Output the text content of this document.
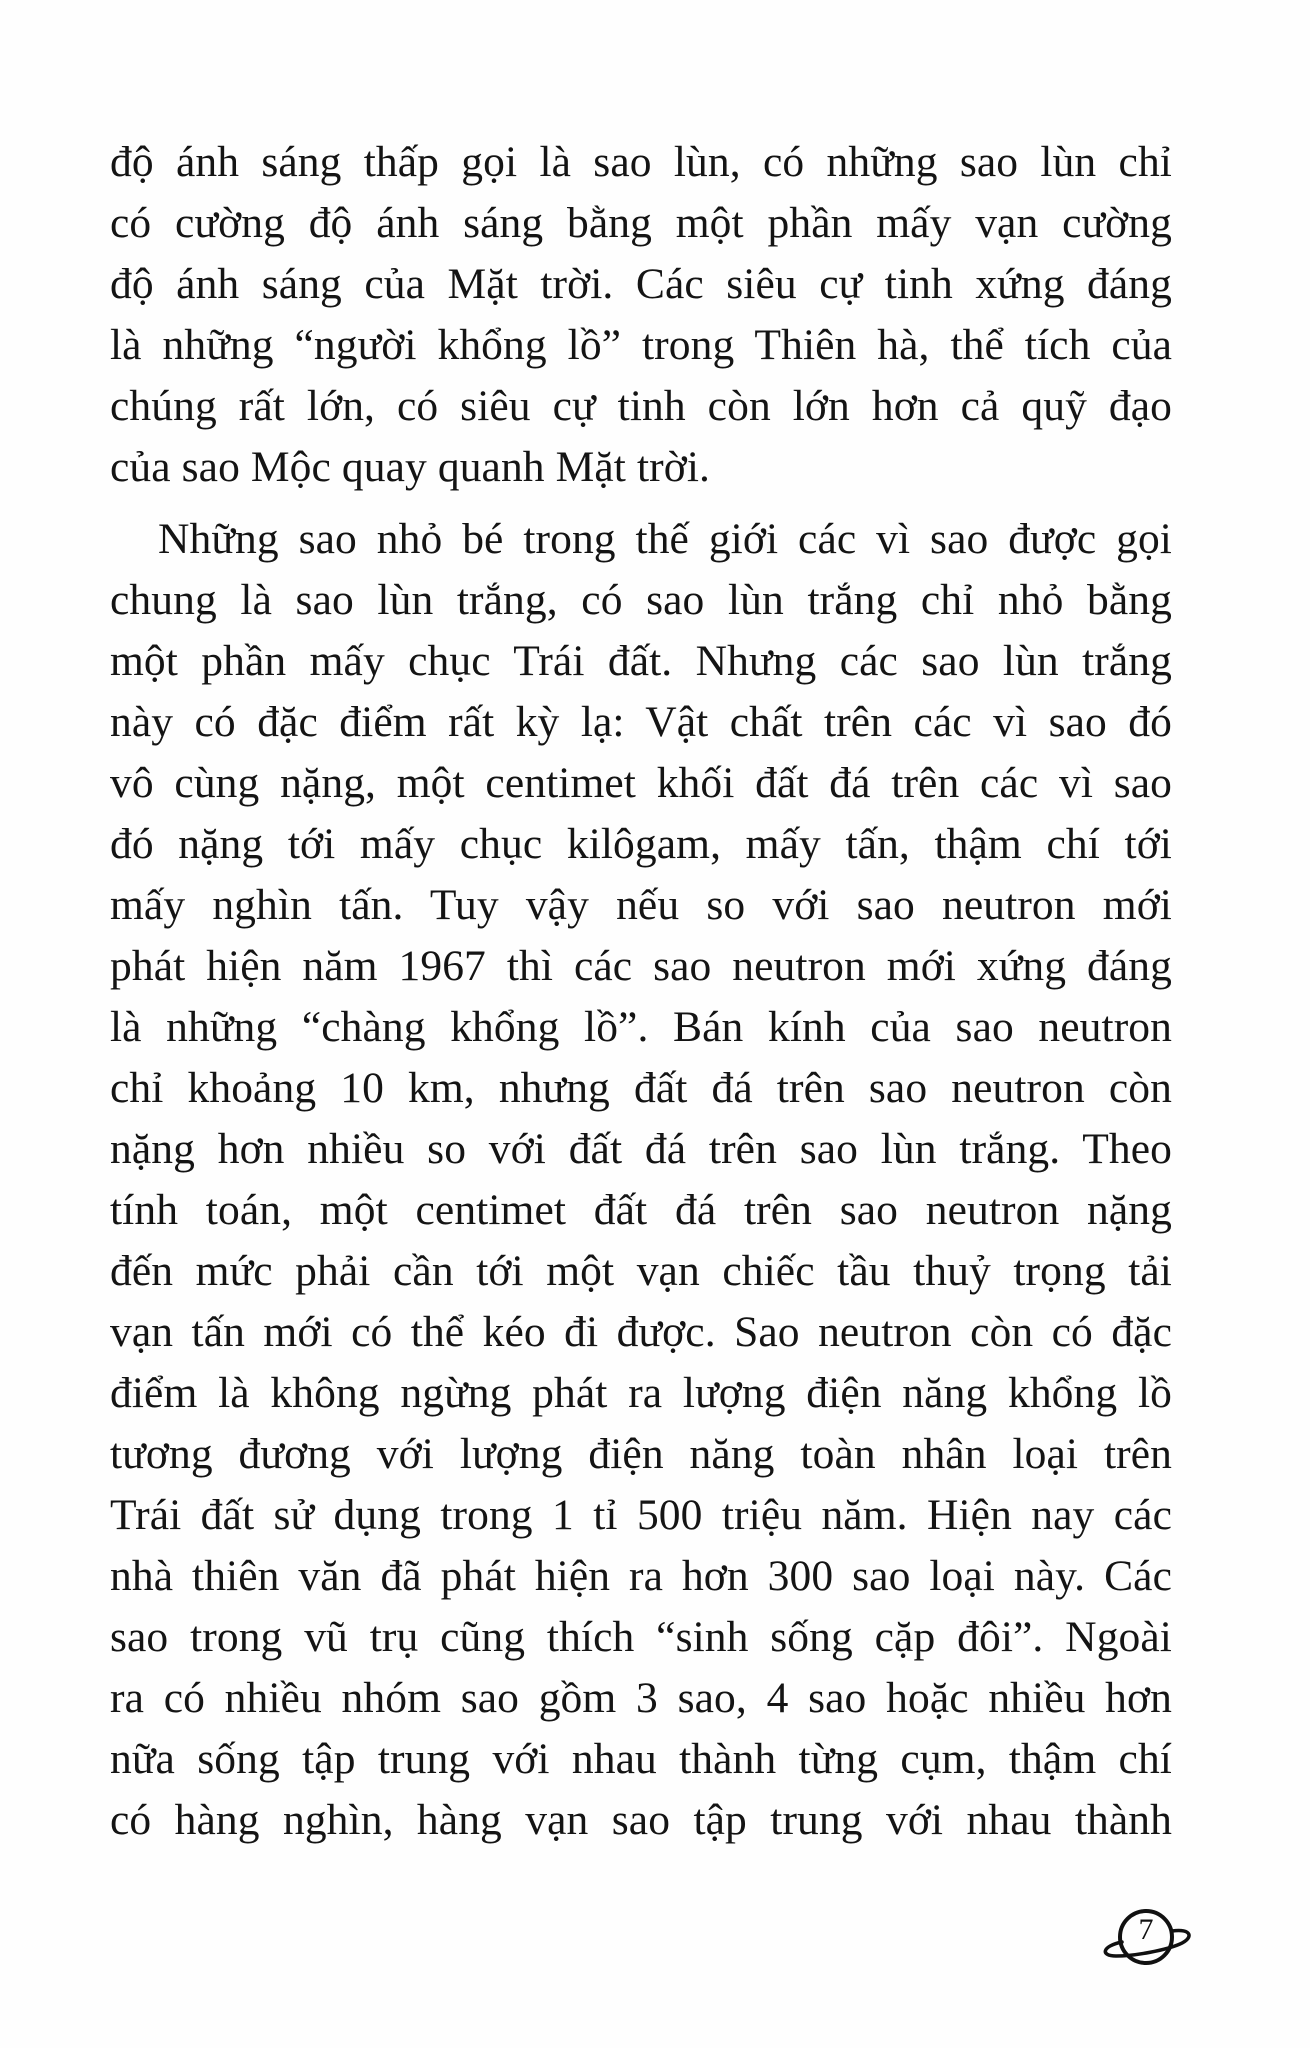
độ ánh sáng thấp gọi là sao lùn, có những sao lùn chỉ
có cường độ ánh sáng bằng một phần mấy vạn cường
độ ánh sáng của Mặt trời. Các siêu cự tinh xứng đáng
là những “người khổng lồ” trong Thiên hà, thể tích của
chúng rất lớn, có siêu cự tinh còn lớn hơn cả quỹ đạo
của sao Mộc quay quanh Mặt trời.
Những sao nhỏ bé trong thế giới các vì sao được gọi
chung là sao lùn trắng, có sao lùn trắng chỉ nhỏ bằng
một phần mấy chục Trái đất. Nhưng các sao lùn trắng
này có đặc điểm rất kỳ lạ: Vật chất trên các vì sao đó
vô cùng nặng, một centimet khối đất đá trên các vì sao
đó nặng tới mấy chục kilôgam, mấy tấn, thậm chí tới
mấy nghìn tấn. Tuy vậy nếu so với sao neutron mới
phát hiện năm 1967 thì các sao neutron mới xứng đáng
là những “chàng khổng lồ”. Bán kính của sao neutron
chỉ khoảng 10 km, nhưng đất đá trên sao neutron còn
nặng hơn nhiều so với đất đá trên sao lùn trắng. Theo
tính toán, một centimet đất đá trên sao neutron nặng
đến mức phải cần tới một vạn chiếc tầu thuỷ trọng tải
vạn tấn mới có thể kéo đi được. Sao neutron còn có đặc
điểm là không ngừng phát ra lượng điện năng khổng lồ
tương đương với lượng điện năng toàn nhân loại trên
Trái đất sử dụng trong 1 tỉ 500 triệu năm. Hiện nay các
nhà thiên văn đã phát hiện ra hơn 300 sao loại này. Các
sao trong vũ trụ cũng thích “sinh sống cặp đôi”. Ngoài
ra có nhiều nhóm sao gồm 3 sao, 4 sao hoặc nhiều hơn
nữa sống tập trung với nhau thành từng cụm, thậm chí
có hàng nghìn, hàng vạn sao tập trung với nhau thành
7
